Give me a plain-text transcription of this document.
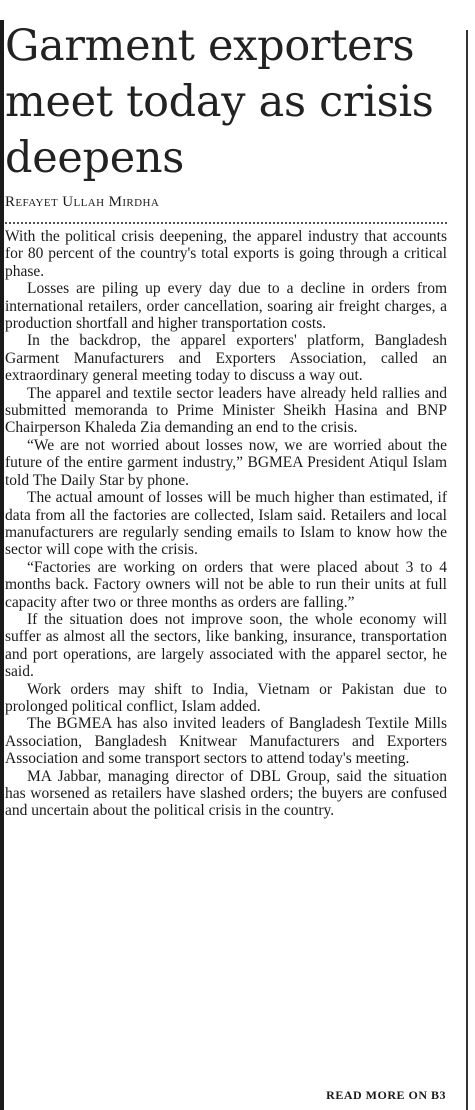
Garment exporters meet today as crisis deepens
Refayet Ullah Mirdha

With the political crisis deepening, the apparel industry that accounts for 80 percent of the country's total exports is going through a critical phase.

Losses are piling up every day due to a decline in orders from international retailers, order cancellation, soaring air freight charges, a production shortfall and higher transportation costs.

In the backdrop, the apparel exporters' platform, Bangladesh Garment Manufacturers and Exporters Association, called an extraordinary general meeting today to discuss a way out.

The apparel and textile sector leaders have already held rallies and submitted memoranda to Prime Minister Sheikh Hasina and BNP Chairperson Khaleda Zia demanding an end to the crisis.

“We are not worried about losses now, we are worried about the future of the entire garment industry,” BGMEA President Atiqul Islam told The Daily Star by phone.

The actual amount of losses will be much higher than estimated, if data from all the factories are collected, Islam said. Retailers and local manufacturers are regularly sending emails to Islam to know how the sector will cope with the crisis.

“Factories are working on orders that were placed about 3 to 4 months back. Factory owners will not be able to run their units at full capacity after two or three months as orders are falling.”

If the situation does not improve soon, the whole economy will suffer as almost all the sectors, like banking, insurance, transportation and port operations, are largely associated with the apparel sector, he said.

Work orders may shift to India, Vietnam or Pakistan due to prolonged political conflict, Islam added.

The BGMEA has also invited leaders of Bangladesh Textile Mills Association, Bangladesh Knitwear Manufacturers and Exporters Association and some transport sectors to attend today's meeting.

MA Jabbar, managing director of DBL Group, said the situation has worsened as retailers have slashed orders; the buyers are confused and uncertain about the political crisis in the country.

READ MORE ON B3
